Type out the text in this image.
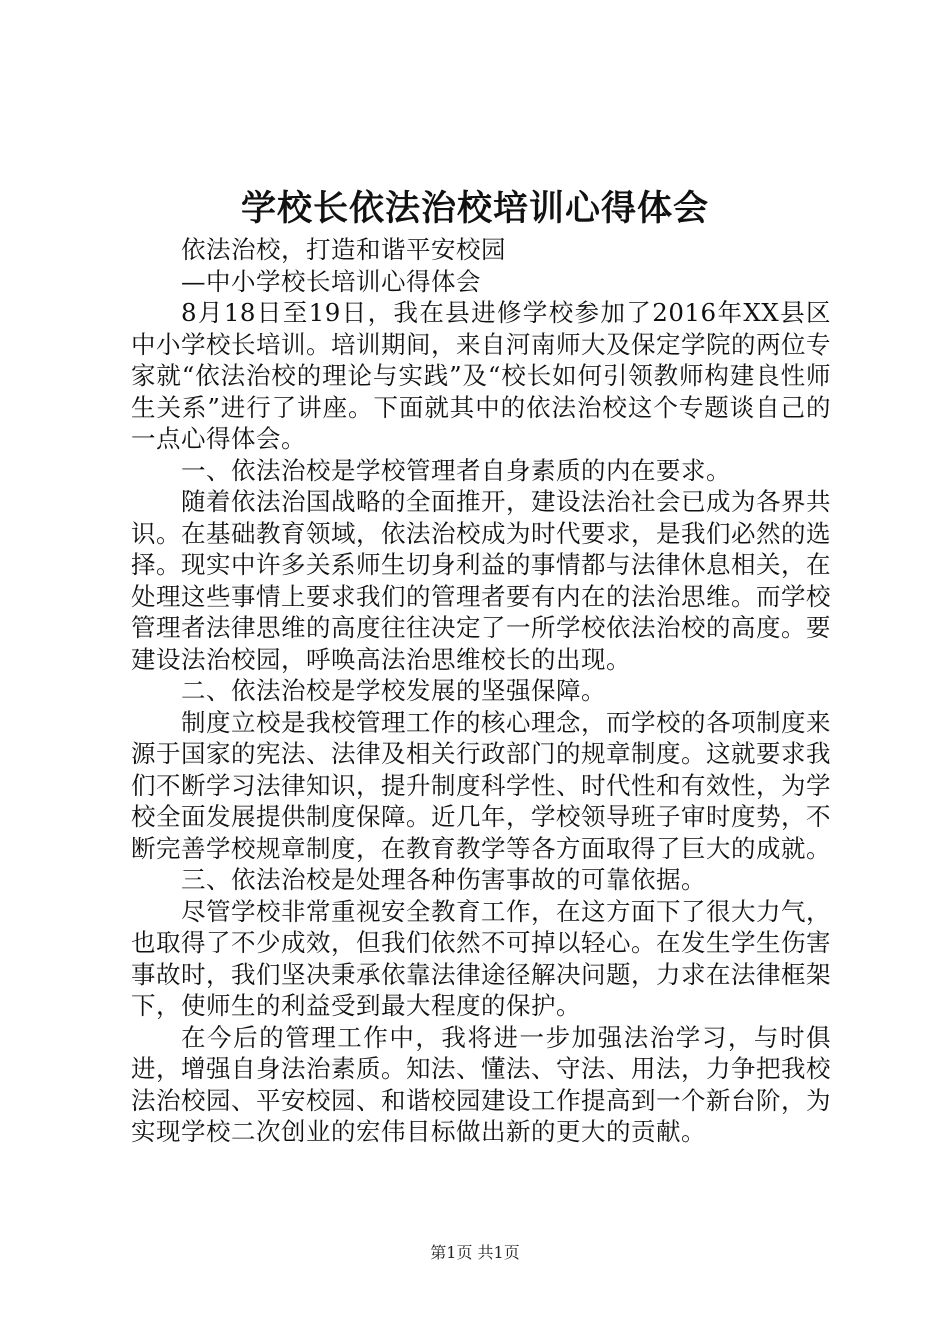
学校长依法治校培训心得体会

依法治校，打造和谐平安校园

—中小学校长培训心得体会

8月18日至19日，我在县进修学校参加了2016年XX县区中小学校长培训。培训期间，来自河南师大及保定学院的两位专家就“依法治校的理论与实践”及“校长如何引领教师构建良性师生关系”进行了讲座。下面就其中的依法治校这个专题谈自己的一点心得体会。

一、依法治校是学校管理者自身素质的内在要求。

随着依法治国战略的全面推开，建设法治社会已成为各界共识。在基础教育领域，依法治校成为时代要求，是我们必然的选择。现实中许多关系师生切身利益的事情都与法律休息相关，在处理这些事情上要求我们的管理者要有内在的法治思维。而学校管理者法律思维的高度往往决定了一所学校依法治校的高度。要建设法治校园，呼唤高法治思维校长的出现。

二、依法治校是学校发展的坚强保障。

制度立校是我校管理工作的核心理念，而学校的各项制度来源于国家的宪法、法律及相关行政部门的规章制度。这就要求我们不断学习法律知识，提升制度科学性、时代性和有效性，为学校全面发展提供制度保障。近几年，学校领导班子审时度势，不断完善学校规章制度，在教育教学等各方面取得了巨大的成就。

三、依法治校是处理各种伤害事故的可靠依据。

尽管学校非常重视安全教育工作，在这方面下了很大力气，也取得了不少成效，但我们依然不可掉以轻心。在发生学生伤害事故时，我们坚决秉承依靠法律途径解决问题，力求在法律框架下，使师生的利益受到最大程度的保护。

在今后的管理工作中，我将进一步加强法治学习，与时俱进，增强自身法治素质。知法、懂法、守法、用法，力争把我校法治校园、平安校园、和谐校园建设工作提高到一个新台阶，为实现学校二次创业的宏伟目标做出新的更大的贡献。

第1页 共1页
